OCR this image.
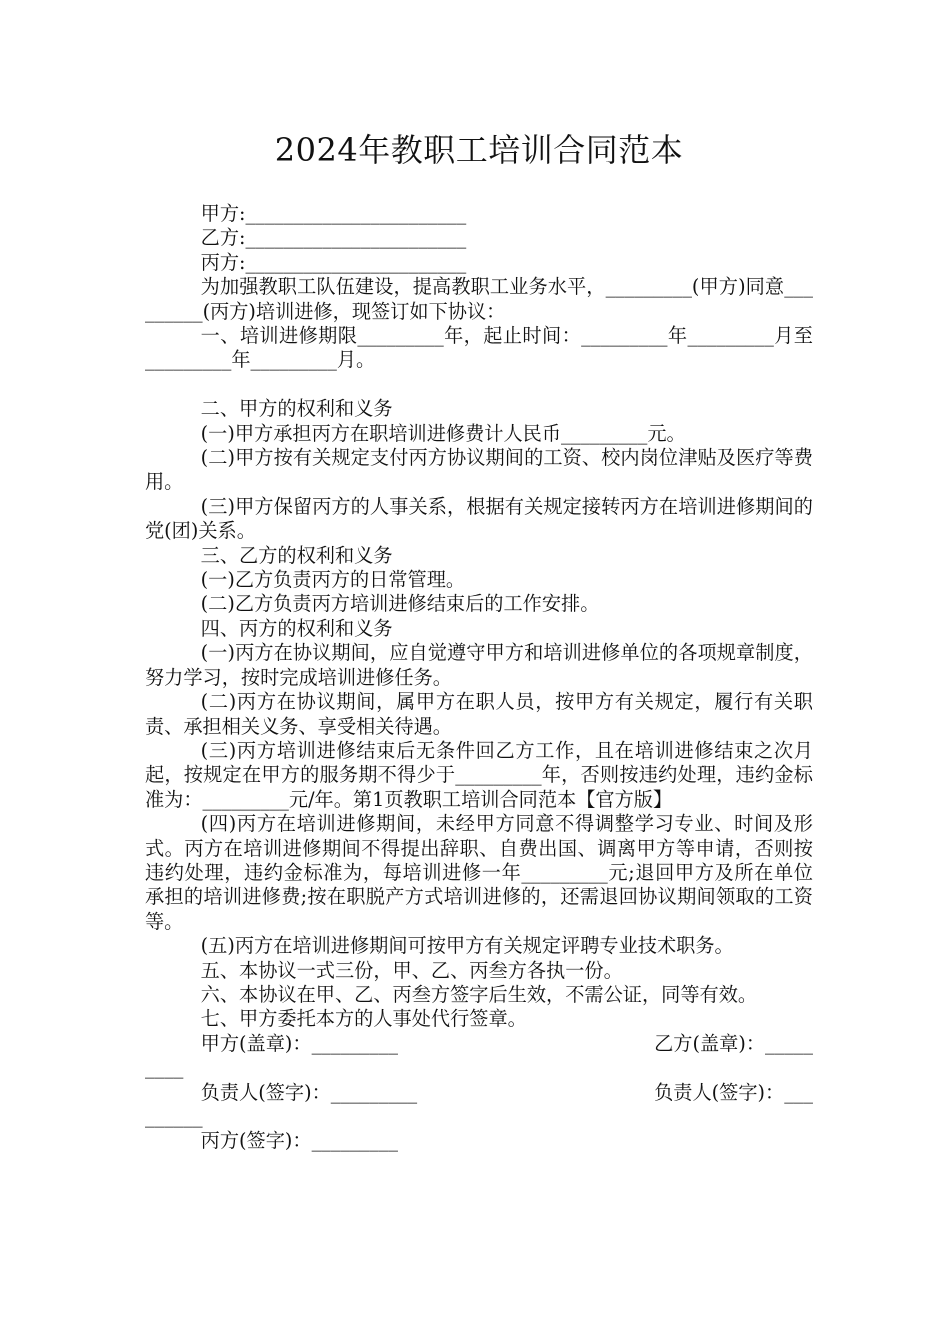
2024年教职工培训合同范本

甲方:_______________________

乙方:_______________________

丙方:_______________________

为加强教职工队伍建设，提高教职工业务水平，_________(甲方)同意_________(丙方)培训进修，现签订如下协议：

一、培训进修期限_________年，起止时间：_________年_________月至_________年_________月。

二、甲方的权利和义务

(一)甲方承担丙方在职培训进修费计人民币_________元。

(二)甲方按有关规定支付丙方协议期间的工资、校内岗位津贴及医疗等费用。

(三)甲方保留丙方的人事关系，根据有关规定接转丙方在培训进修期间的党(团)关系。

三、乙方的权利和义务

(一)乙方负责丙方的日常管理。

(二)乙方负责丙方培训进修结束后的工作安排。

四、丙方的权利和义务

(一)丙方在协议期间，应自觉遵守甲方和培训进修单位的各项规章制度，努力学习，按时完成培训进修任务。

(二)丙方在协议期间，属甲方在职人员，按甲方有关规定，履行有关职责、承担相关义务、享受相关待遇。

(三)丙方培训进修结束后无条件回乙方工作，且在培训进修结束之次月起，按规定在甲方的服务期不得少于_________年，否则按违约处理，违约金标准为：_________元/年。第1页教职工培训合同范本【官方版】

(四)丙方在培训进修期间，未经甲方同意不得调整学习专业、时间及形式。丙方在培训进修期间不得提出辞职、自费出国、调离甲方等申请，否则按违约处理，违约金标准为，每培训进修一年_________元;退回甲方及所在单位承担的培训进修费;按在职脱产方式培训进修的，还需退回协议期间领取的工资等。

(五)丙方在培训进修期间可按甲方有关规定评聘专业技术职务。

五、本协议一式三份，甲、乙、丙叁方各执一份。

六、本协议在甲、乙、丙叁方签字后生效，不需公证，同等有效。

七、甲方委托本方的人事处代行签章。

甲方(盖章)：_________	乙方(盖章)：_____

____

负责人(签字)：_________	负责人(签字)：___

______

丙方(签字)：_________
